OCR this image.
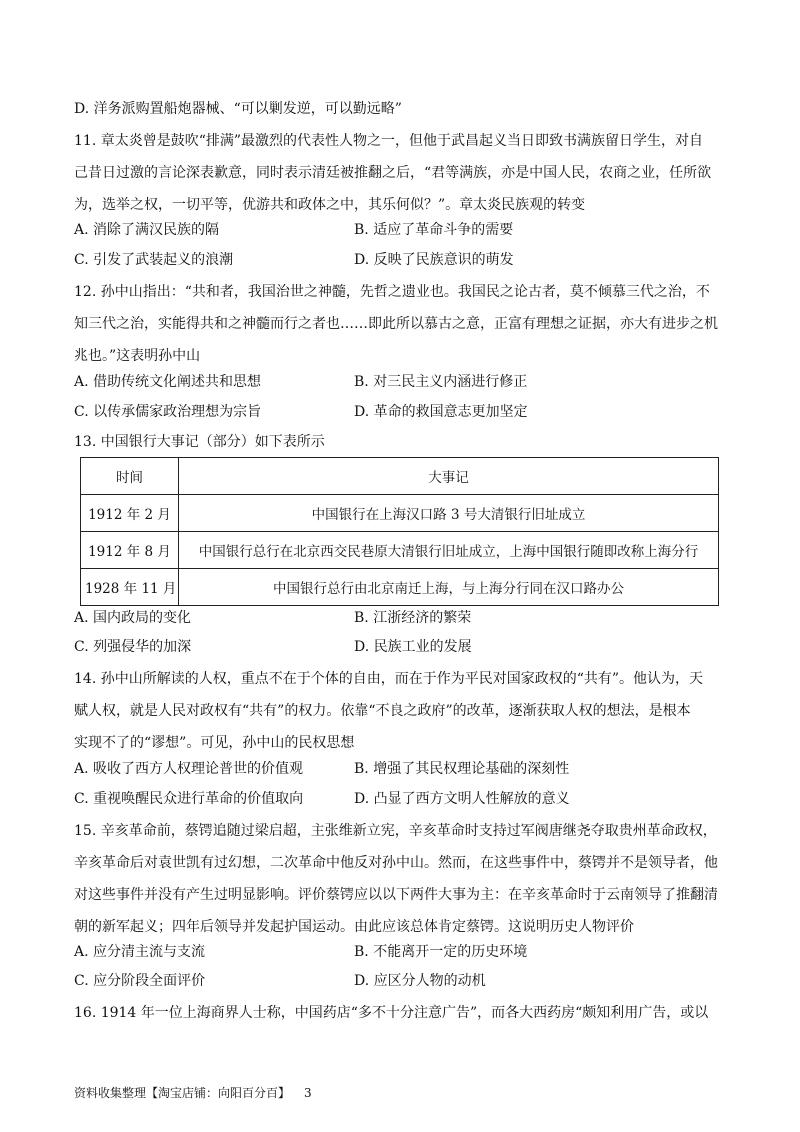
D. 洋务派购置船炮器械、“可以剿发逆，可以勤远略”
11. 章太炎曾是鼓吹“排满”最激烈的代表性人物之一，但他于武昌起义当日即致书满族留日学生，对自
己昔日过激的言论深表歉意，同时表示清廷被推翻之后，“君等满族，亦是中国人民，农商之业，任所欲
为，选举之权，一切平等，优游共和政体之中，其乐何似？”。章太炎民族观的转变
A. 消除了满汉民族的隔	B. 适应了革命斗争的需要
C. 引发了武装起义的浪潮	D. 反映了民族意识的萌发
12. 孙中山指出：“共和者，我国治世之神髓，先哲之遗业也。我国民之论古者，莫不倾慕三代之治，不
知三代之治，实能得共和之神髓而行之者也……即此所以慕古之意，正富有理想之证据，亦大有进步之机
兆也。”这表明孙中山
A. 借助传统文化阐述共和思想	B. 对三民主义内涵进行修正
C. 以传承儒家政治理想为宗旨	D. 革命的救国意志更加坚定
13. 中国银行大事记（部分）如下表所示
时间	大事记
1912 年 2 月	中国银行在上海汉口路 3 号大清银行旧址成立
1912 年 8 月	中国银行总行在北京西交民巷原大清银行旧址成立，上海中国银行随即改称上海分行
1928 年 11 月	中国银行总行由北京南迁上海，与上海分行同在汉口路办公
A. 国内政局的变化	B. 江浙经济的繁荣
C. 列强侵华的加深	D. 民族工业的发展
14. 孙中山所解读的人权，重点不在于个体的自由，而在于作为平民对国家政权的“共有”。他认为，天
赋人权，就是人民对政权有“共有”的权力。依靠“不良之政府”的改革，逐渐获取人权的想法，是根本
实现不了的“谬想”。可见，孙中山的民权思想
A. 吸收了西方人权理论普世的价值观	B. 增强了其民权理论基础的深刻性
C. 重视唤醒民众进行革命的价值取向	D. 凸显了西方文明人性解放的意义
15. 辛亥革命前，蔡锷追随过梁启超，主张维新立宪，辛亥革命时支持过军阀唐继尧夺取贵州革命政权，
辛亥革命后对袁世凯有过幻想，二次革命中他反对孙中山。然而，在这些事件中，蔡锷并不是领导者，他
对这些事件并没有产生过明显影响。评价蔡锷应以以下两件大事为主：在辛亥革命时于云南领导了推翻清
朝的新军起义；四年后领导并发起护国运动。由此应该总体肯定蔡锷。这说明历史人物评价
A. 应分清主流与支流	B. 不能离开一定的历史环境
C. 应分阶段全面评价	D. 应区分人物的动机
16. 1914 年一位上海商界人士称，中国药店“多不十分注意广告”，而各大西药房“颇知利用广告，或以
资料收集整理【淘宝店铺：向阳百分百】 3
